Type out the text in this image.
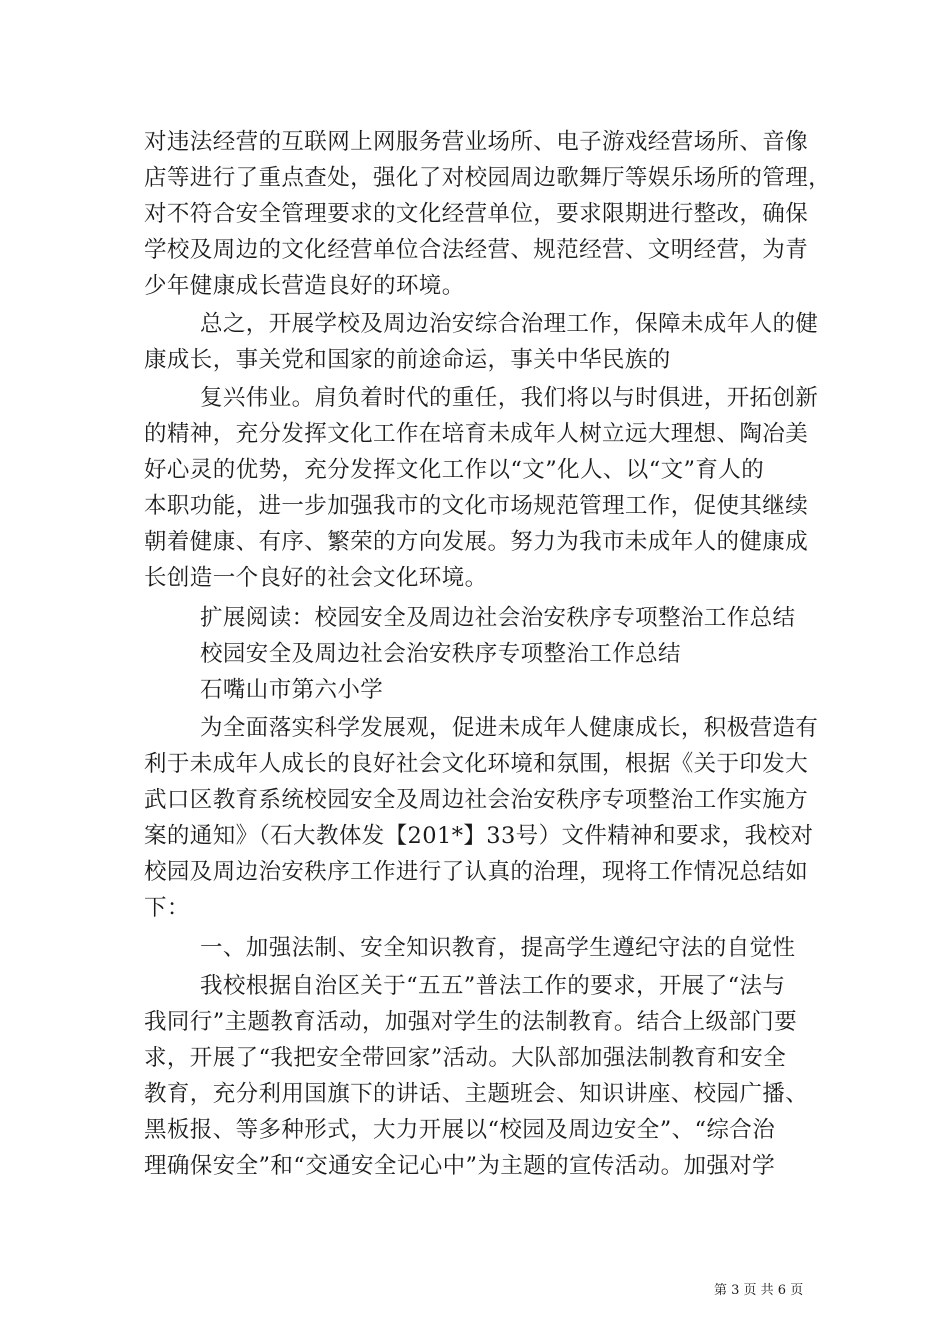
对违法经营的互联网上网服务营业场所、电子游戏经营场所、音像
店等进行了重点查处，强化了对校园周边歌舞厅等娱乐场所的管理，
对不符合安全管理要求的文化经营单位，要求限期进行整改，确保
学校及周边的文化经营单位合法经营、规范经营、文明经营，为青
少年健康成长营造良好的环境。
总之，开展学校及周边治安综合治理工作，保障未成年人的健
康成长，事关党和国家的前途命运，事关中华民族的
复兴伟业。肩负着时代的重任，我们将以与时俱进，开拓创新
的精神，充分发挥文化工作在培育未成年人树立远大理想、陶冶美
好心灵的优势，充分发挥文化工作以“文”化人、以“文”育人的
本职功能，进一步加强我市的文化市场规范管理工作，促使其继续
朝着健康、有序、繁荣的方向发展。努力为我市未成年人的健康成
长创造一个良好的社会文化环境。
扩展阅读：校园安全及周边社会治安秩序专项整治工作总结
校园安全及周边社会治安秩序专项整治工作总结
石嘴山市第六小学
为全面落实科学发展观，促进未成年人健康成长，积极营造有
利于未成年人成长的良好社会文化环境和氛围，根据《关于印发大
武口区教育系统校园安全及周边社会治安秩序专项整治工作实施方
案的通知》（石大教体发【201*】33号）文件精神和要求，我校对
校园及周边治安秩序工作进行了认真的治理，现将工作情况总结如
下：
一、加强法制、安全知识教育，提高学生遵纪守法的自觉性
我校根据自治区关于“五五”普法工作的要求，开展了“法与
我同行”主题教育活动，加强对学生的法制教育。结合上级部门要
求，开展了“我把安全带回家”活动。大队部加强法制教育和安全
教育，充分利用国旗下的讲话、主题班会、知识讲座、校园广播、
黑板报、等多种形式，大力开展以“校园及周边安全”、“综合治
理确保安全”和“交通安全记心中”为主题的宣传活动。加强对学
第 3 页 共 6 页
